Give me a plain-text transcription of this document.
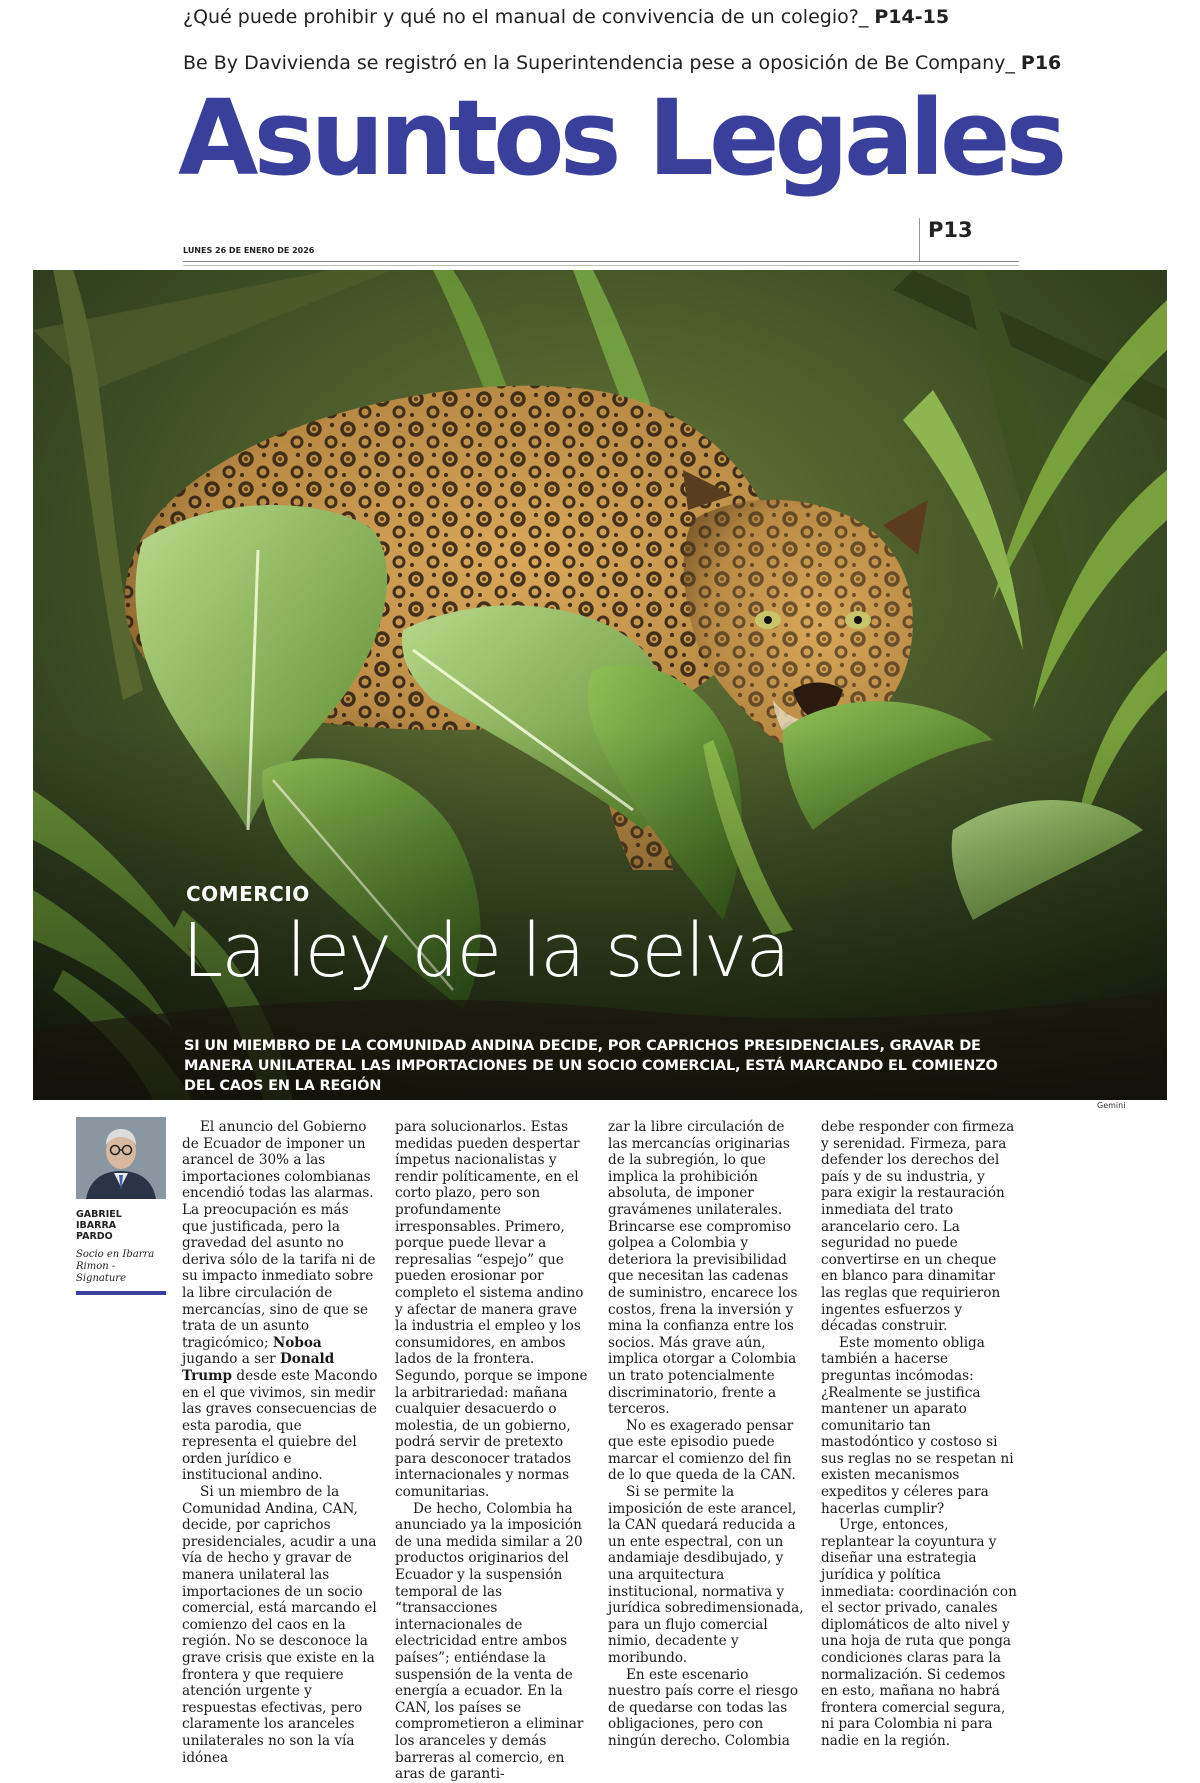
¿Qué puede prohibir y qué no el manual de convivencia de un colegio?_ P14-15
Be By Davivienda se registró en la Superintendencia pese a oposición de Be Company_ P16
Asuntos Legales
LUNES 26 DE ENERO DE 2026
P13
COMERCIO
La ley de la selva
SI UN MIEMBRO DE LA COMUNIDAD ANDINA DECIDE, POR CAPRICHOS PRESIDENCIALES, GRAVAR DE MANERA UNILATERAL LAS IMPORTACIONES DE UN SOCIO COMERCIAL, ESTÁ MARCANDO EL COMIENZO DEL CAOS EN LA REGIÓN
Gemini
GABRIEL IBARRA PARDO
Socio en Ibarra Rimon - Signature

El anuncio del Gobierno de Ecuador de imponer un arancel de 30% a las importaciones colombianas encendió todas las alarmas. La preocupación es más que justificada, pero la gravedad del asunto no deriva sólo de la tarifa ni de su impacto inmediato sobre la libre circulación de mercancías, sino de que se trata de un asunto tragicómico; Noboa jugando a ser Donald Trump desde este Macondo en el que vivimos, sin medir las graves consecuencias de esta parodia, que representa el quiebre del orden jurídico e institucional andino.

Si un miembro de la Comunidad Andina, CAN, decide, por caprichos presidenciales, acudir a una vía de hecho y gravar de manera unilateral las importaciones de un socio comercial, está marcando el comienzo del caos en la región. No se desconoce la grave crisis que existe en la frontera y que requiere atención urgente y respuestas efectivas, pero claramente los aranceles unilaterales no son la vía idónea

para solucionarlos. Estas medidas pueden despertar ímpetus nacionalistas y rendir políticamente, en el corto plazo, pero son profundamente irresponsables. Primero, porque puede llevar a represalias “espejo” que pueden erosionar por completo el sistema andino y afectar de manera grave la industria el empleo y los consumidores, en ambos lados de la frontera. Segundo, porque se impone la arbitrariedad: mañana cualquier desacuerdo o molestia, de un gobierno, podrá servir de pretexto para desconocer tratados internacionales y normas comunitarias.

De hecho, Colombia ha anunciado ya la imposición de una medida similar a 20 productos originarios del Ecuador y la suspensión temporal de las “transacciones internacionales de electricidad entre ambos países”; entiéndase la suspensión de la venta de energía a ecuador. En la CAN, los países se comprometieron a eliminar los aranceles y demás barreras al comercio, en aras de garanti-

zar la libre circulación de las mercancías originarias de la subregión, lo que implica la prohibición absoluta, de imponer gravámenes unilaterales. Brincarse ese compromiso golpea a Colombia y deteriora la previsibilidad que necesitan las cadenas de suministro, encarece los costos, frena la inversión y mina la confianza entre los socios. Más grave aún, implica otorgar a Colombia un trato potencialmente discriminatorio, frente a terceros.

No es exagerado pensar que este episodio puede marcar el comienzo del fin de lo que queda de la CAN.

Si se permite la imposición de este arancel, la CAN quedará reducida a un ente espectral, con un andamiaje desdibujado, y una arquitectura institucional, normativa y jurídica sobredimensionada, para un flujo comercial nimio, decadente y moribundo.

En este escenario nuestro país corre el riesgo de quedarse con todas las obligaciones, pero con ningún derecho. Colombia

debe responder con firmeza y serenidad. Firmeza, para defender los derechos del país y de su industria, y para exigir la restauración inmediata del trato arancelario cero. La seguridad no puede convertirse en un cheque en blanco para dinamitar las reglas que requirieron ingentes esfuerzos y décadas construir.

Este momento obliga también a hacerse preguntas incómodas: ¿Realmente se justifica mantener un aparato comunitario tan mastodóntico y costoso si sus reglas no se respetan ni existen mecanismos expeditos y céleres para hacerlas cumplir?

Urge, entonces, replantear la coyuntura y diseñar una estrategia jurídica y política inmediata: coordinación con el sector privado, canales diplomáticos de alto nivel y una hoja de ruta que ponga condiciones claras para la normalización. Si cedemos en esto, mañana no habrá frontera comercial segura, ni para Colombia ni para nadie en la región.
